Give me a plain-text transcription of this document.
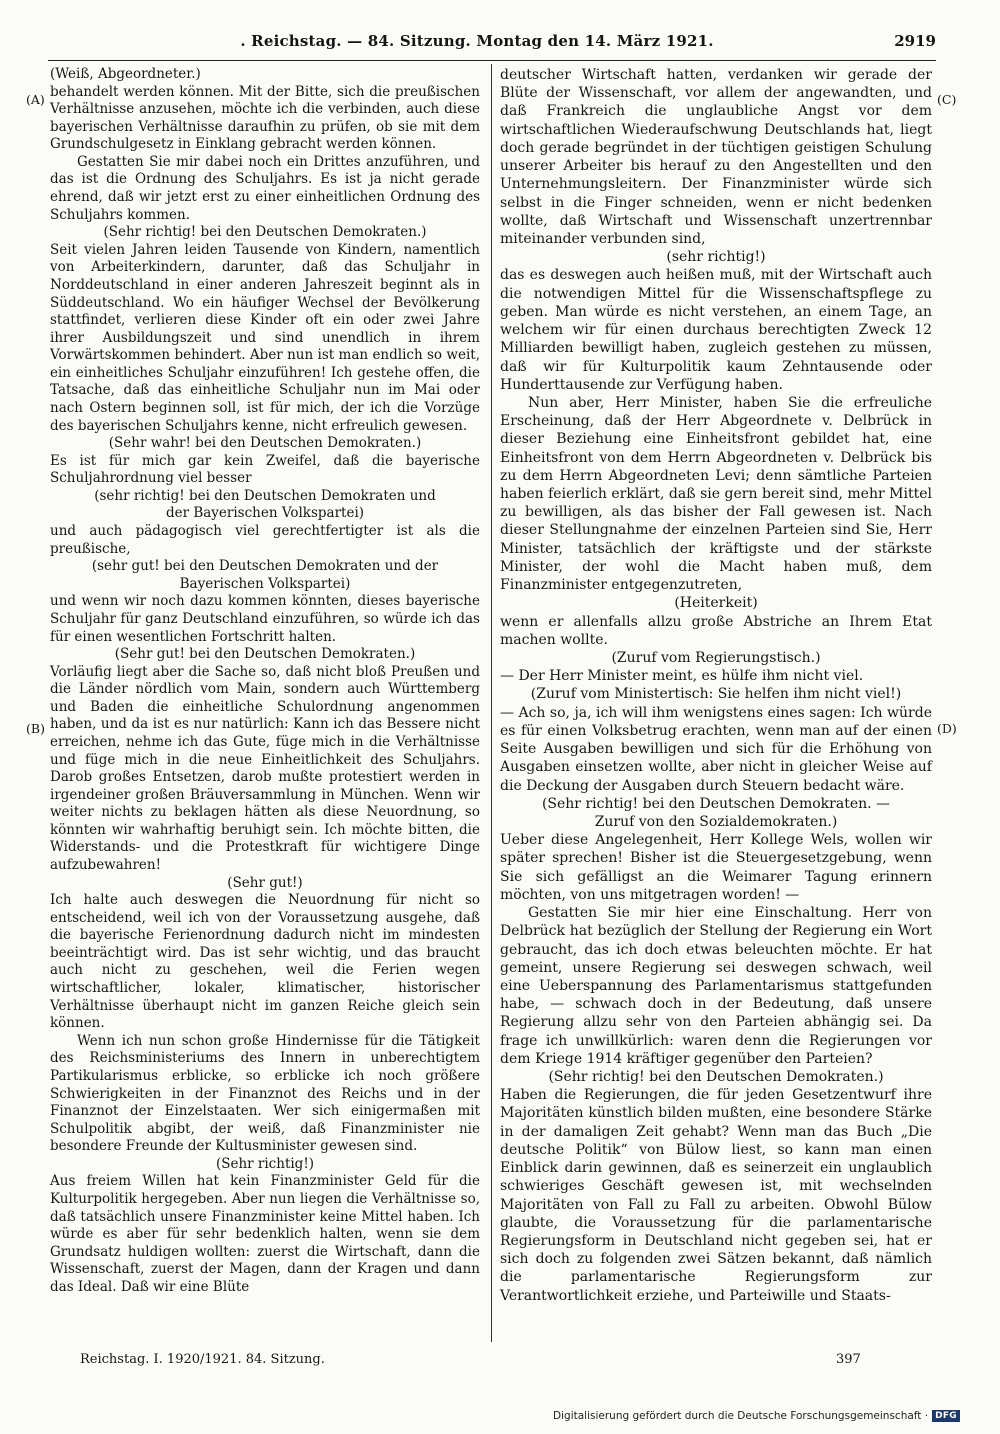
. Reichstag. — 84. Sitzung. Montag den 14. März 1921.	2919
(A)
(B)
(C)
(D)

(Weiß, Abgeordneter.)

behandelt werden können. Mit der Bitte, sich die preußischen Verhältnisse anzusehen, möchte ich die verbinden, auch diese bayerischen Verhältnisse daraufhin zu prüfen, ob sie mit dem Grundschulgesetz in Einklang gebracht werden können.

Gestatten Sie mir dabei noch ein Drittes anzuführen, und das ist die Ordnung des Schuljahrs. Es ist ja nicht gerade ehrend, daß wir jetzt erst zu einer einheitlichen Ordnung des Schuljahrs kommen.

(Sehr richtig! bei den Deutschen Demokraten.)

Seit vielen Jahren leiden Tausende von Kindern, namentlich von Arbeiterkindern, darunter, daß das Schuljahr in Norddeutschland in einer anderen Jahreszeit beginnt als in Süddeutschland. Wo ein häufiger Wechsel der Bevölkerung stattfindet, verlieren diese Kinder oft ein oder zwei Jahre ihrer Ausbildungszeit und sind unendlich in ihrem Vorwärtskommen behindert. Aber nun ist man endlich so weit, ein einheitliches Schuljahr einzuführen! Ich gestehe offen, die Tatsache, daß das einheitliche Schuljahr nun im Mai oder nach Ostern beginnen soll, ist für mich, der ich die Vorzüge des bayerischen Schuljahrs kenne, nicht erfreulich gewesen.

(Sehr wahr! bei den Deutschen Demokraten.)

Es ist für mich gar kein Zweifel, daß die bayerische Schuljahrordnung viel besser

(sehr richtig! bei den Deutschen Demokraten und
der Bayerischen Volkspartei)

und auch pädagogisch viel gerechtfertigter ist als die preußische,

(sehr gut! bei den Deutschen Demokraten und der
Bayerischen Volkspartei)

und wenn wir noch dazu kommen könnten, dieses bayerische Schuljahr für ganz Deutschland einzuführen, so würde ich das für einen wesentlichen Fortschritt halten.

(Sehr gut! bei den Deutschen Demokraten.)

Vorläufig liegt aber die Sache so, daß nicht bloß Preußen und die Länder nördlich vom Main, sondern auch Württemberg und Baden die einheitliche Schulordnung angenommen haben, und da ist es nur natürlich: Kann ich das Bessere nicht erreichen, nehme ich das Gute, füge mich in die Verhältnisse und füge mich in die neue Einheitlichkeit des Schuljahrs. Darob großes Entsetzen, darob mußte protestiert werden in irgendeiner großen Bräuversammlung in München. Wenn wir weiter nichts zu beklagen hätten als diese Neuordnung, so könnten wir wahrhaftig beruhigt sein. Ich möchte bitten, die Widerstands- und die Protestkraft für wichtigere Dinge aufzubewahren!

(Sehr gut!)

Ich halte auch deswegen die Neuordnung für nicht so entscheidend, weil ich von der Voraussetzung ausgehe, daß die bayerische Ferienordnung dadurch nicht im mindesten beeinträchtigt wird. Das ist sehr wichtig, und das braucht auch nicht zu geschehen, weil die Ferien wegen wirtschaftlicher, lokaler, klimatischer, historischer Verhältnisse überhaupt nicht im ganzen Reiche gleich sein können.

Wenn ich nun schon große Hindernisse für die Tätigkeit des Reichsministeriums des Innern in unberechtigtem Partikularismus erblicke, so erblicke ich noch größere Schwierigkeiten in der Finanznot des Reichs und in der Finanznot der Einzelstaaten. Wer sich einigermaßen mit Schulpolitik abgibt, der weiß, daß Finanzminister nie besondere Freunde der Kultusminister gewesen sind.

(Sehr richtig!)

Aus freiem Willen hat kein Finanzminister Geld für die Kulturpolitik hergegeben. Aber nun liegen die Verhältnisse so, daß tatsächlich unsere Finanzminister keine Mittel haben. Ich würde es aber für sehr bedenklich halten, wenn sie dem Grundsatz huldigen wollten: zuerst die Wirtschaft, dann die Wissenschaft, zuerst der Magen, dann der Kragen und dann das Ideal. Daß wir eine Blüte

deutscher Wirtschaft hatten, verdanken wir gerade der Blüte der Wissenschaft, vor allem der angewandten, und daß Frankreich die unglaubliche Angst vor dem wirtschaftlichen Wiederaufschwung Deutschlands hat, liegt doch gerade begründet in der tüchtigen geistigen Schulung unserer Arbeiter bis herauf zu den Angestellten und den Unternehmungsleitern. Der Finanzminister würde sich selbst in die Finger schneiden, wenn er nicht bedenken wollte, daß Wirtschaft und Wissenschaft unzertrennbar miteinander verbunden sind,

(sehr richtig!)

das es deswegen auch heißen muß, mit der Wirtschaft auch die notwendigen Mittel für die Wissenschaftspflege zu geben. Man würde es nicht verstehen, an einem Tage, an welchem wir für einen durchaus berechtigten Zweck 12 Milliarden bewilligt haben, zugleich gestehen zu müssen, daß wir für Kulturpolitik kaum Zehntausende oder Hunderttausende zur Verfügung haben.

Nun aber, Herr Minister, haben Sie die erfreuliche Erscheinung, daß der Herr Abgeordnete v. Delbrück in dieser Beziehung eine Einheitsfront gebildet hat, eine Einheitsfront von dem Herrn Abgeordneten v. Delbrück bis zu dem Herrn Abgeordneten Levi; denn sämtliche Parteien haben feierlich erklärt, daß sie gern bereit sind, mehr Mittel zu bewilligen, als das bisher der Fall gewesen ist. Nach dieser Stellungnahme der einzelnen Parteien sind Sie, Herr Minister, tatsächlich der kräftigste und der stärkste Minister, der wohl die Macht haben muß, dem Finanzminister entgegenzutreten,

(Heiterkeit)

wenn er allenfalls allzu große Abstriche an Ihrem Etat machen wollte.

(Zuruf vom Regierungstisch.)

— Der Herr Minister meint, es hülfe ihm nicht viel.

(Zuruf vom Ministertisch: Sie helfen ihm nicht viel!)

— Ach so, ja, ich will ihm wenigstens eines sagen: Ich würde es für einen Volksbetrug erachten, wenn man auf der einen Seite Ausgaben bewilligen und sich für die Erhöhung von Ausgaben einsetzen wollte, aber nicht in gleicher Weise auf die Deckung der Ausgaben durch Steuern bedacht wäre.

(Sehr richtig! bei den Deutschen Demokraten. —
Zuruf von den Sozialdemokraten.)

Ueber diese Angelegenheit, Herr Kollege Wels, wollen wir später sprechen! Bisher ist die Steuergesetzgebung, wenn Sie sich gefälligst an die Weimarer Tagung erinnern möchten, von uns mitgetragen worden! —

Gestatten Sie mir hier eine Einschaltung. Herr von Delbrück hat bezüglich der Stellung der Regierung ein Wort gebraucht, das ich doch etwas beleuchten möchte. Er hat gemeint, unsere Regierung sei deswegen schwach, weil eine Ueberspannung des Parlamentarismus stattgefunden habe, — schwach doch in der Bedeutung, daß unsere Regierung allzu sehr von den Parteien abhängig sei. Da frage ich unwillkürlich: waren denn die Regierungen vor dem Kriege 1914 kräftiger gegenüber den Parteien?

(Sehr richtig! bei den Deutschen Demokraten.)

Haben die Regierungen, die für jeden Gesetzentwurf ihre Majoritäten künstlich bilden mußten, eine besondere Stärke in der damaligen Zeit gehabt? Wenn man das Buch „Die deutsche Politik“ von Bülow liest, so kann man einen Einblick darin gewinnen, daß es seinerzeit ein unglaublich schwieriges Geschäft gewesen ist, mit wechselnden Majoritäten von Fall zu Fall zu arbeiten. Obwohl Bülow glaubte, die Voraussetzung für die parlamentarische Regierungsform in Deutschland nicht gegeben sei, hat er sich doch zu folgenden zwei Sätzen bekannt, daß nämlich die parlamentarische Regierungsform zur Verantwortlichkeit erziehe, und Parteiwille und Staats-

Reichstag. I. 1920/1921. 84. Sitzung.	397
Digitalisierung gefördert durch die Deutsche Forschungsgemeinschaft · DFG
